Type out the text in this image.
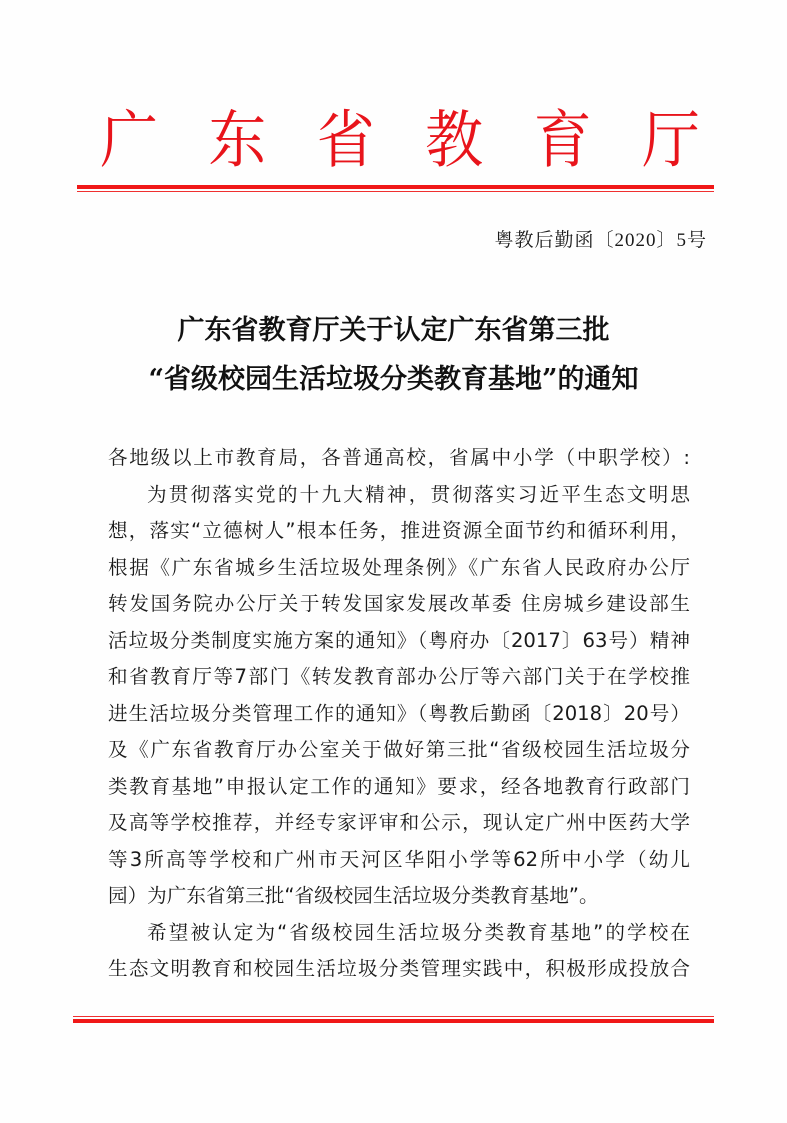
广 东 省 教 育 厅
粤教后勤函〔2020〕5号
广东省教育厅关于认定广东省第三批
“省级校园生活垃圾分类教育基地”的通知

各地级以上市教育局，各普通高校，省属中小学（中职学校）:

为贯彻落实党的十九大精神，贯彻落实习近平生态文明思

想，落实“立德树人”根本任务，推进资源全面节约和循环利用，

根据《广东省城乡生活垃圾处理条例》《广东省人民政府办公厅

转发国务院办公厅关于转发国家发展改革委 住房城乡建设部生

活垃圾分类制度实施方案的通知》（粤府办〔2017〕63号）精神

和省教育厅等7部门《转发教育部办公厅等六部门关于在学校推

进生活垃圾分类管理工作的通知》（粤教后勤函〔2018〕20号）

及《广东省教育厅办公室关于做好第三批“省级校园生活垃圾分

类教育基地”申报认定工作的通知》要求，经各地教育行政部门

及高等学校推荐，并经专家评审和公示，现认定广州中医药大学

等3所高等学校和广州市天河区华阳小学等62所中小学（幼儿

园）为广东省第三批“省级校园生活垃圾分类教育基地”。

希望被认定为“省级校园生活垃圾分类教育基地”的学校在

生态文明教育和校园生活垃圾分类管理实践中，积极形成投放合
